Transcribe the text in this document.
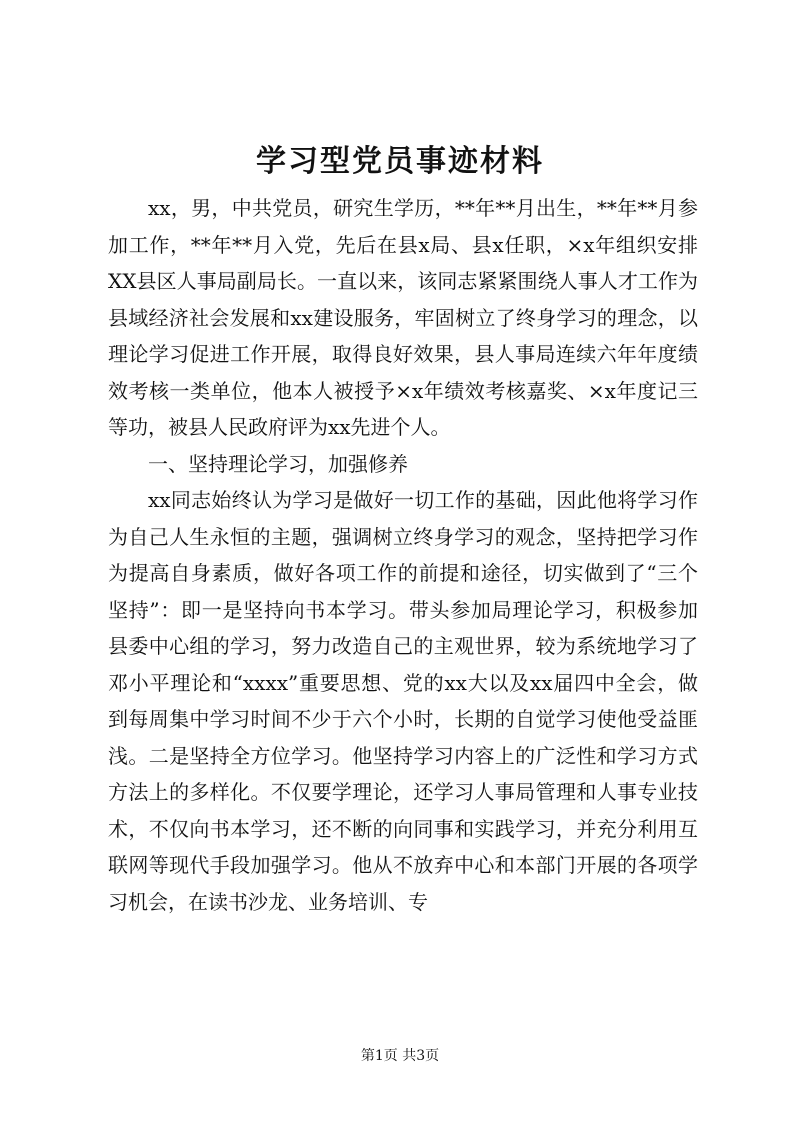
学习型党员事迹材料

xx，男，中共党员，研究生学历，**年**月出生，**年**月参加工作，**年**月入党，先后在县x局、县x任职，×x年组织安排XX县区人事局副局长。一直以来，该同志紧紧围绕人事人才工作为县域经济社会发展和xx建设服务，牢固树立了终身学习的理念，以理论学习促进工作开展，取得良好效果，县人事局连续六年年度绩效考核一类单位，他本人被授予×x年绩效考核嘉奖、×x年度记三等功，被县人民政府评为xx先进个人。

一、坚持理论学习，加强修养

xx同志始终认为学习是做好一切工作的基础，因此他将学习作为自己人生永恒的主题，强调树立终身学习的观念，坚持把学习作为提高自身素质，做好各项工作的前提和途径，切实做到了“三个坚持”：即一是坚持向书本学习。带头参加局理论学习，积极参加县委中心组的学习，努力改造自己的主观世界，较为系统地学习了邓小平理论和“xxxx”重要思想、党的xx大以及xx届四中全会，做到每周集中学习时间不少于六个小时，长期的自觉学习使他受益匪浅。二是坚持全方位学习。他坚持学习内容上的广泛性和学习方式方法上的多样化。不仅要学理论，还学习人事局管理和人事专业技术，不仅向书本学习，还不断的向同事和实践学习，并充分利用互联网等现代手段加强学习。他从不放弃中心和本部门开展的各项学习机会，在读书沙龙、业务培训、专

第1页 共3页
